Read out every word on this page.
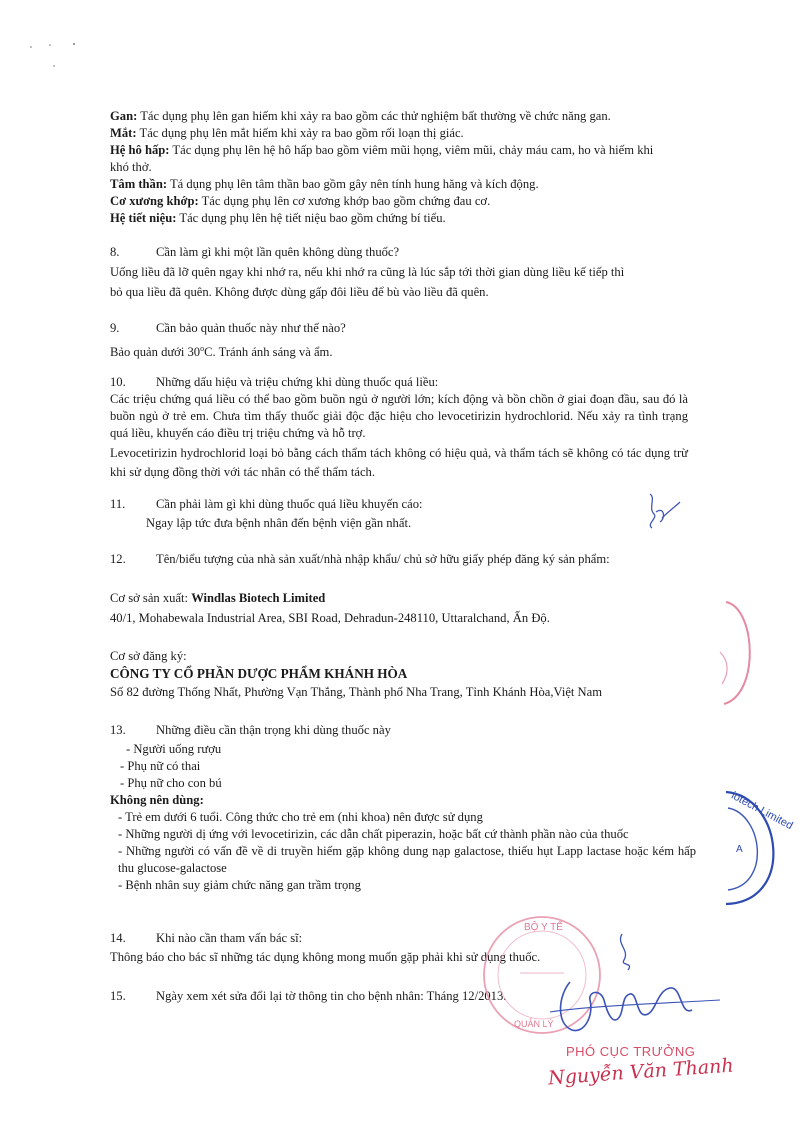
Gan: Tác dụng phụ lên gan hiếm khi xảy ra bao gồm các thử nghiệm bất thường về chức năng gan.
Mắt: Tác dụng phụ lên mắt hiếm khi xảy ra bao gồm rối loạn thị giác.
Hệ hô hấp: Tác dụng phụ lên hệ hô hấp bao gồm viêm mũi họng, viêm mũi, chảy máu cam, ho và hiếm khi khó thở.
Tâm thần: Tá dụng phụ lên tâm thần bao gồm gây nên tính hung hăng và kích động.
Cơ xương khớp: Tác dụng phụ lên cơ xương khớp bao gồm chứng đau cơ.
Hệ tiết niệu: Tác dụng phụ lên hệ tiết niệu bao gồm chứng bí tiểu.
8.	Cần làm gì khi một lần quên không dùng thuốc?
Uống liều đã lỡ quên ngay khi nhớ ra, nếu khi nhớ ra cũng là lúc sắp tới thời gian dùng liều kế tiếp thì
bỏ qua liều đã quên. Không được dùng gấp đôi liều để bù vào liều đã quên.
9.	Cần bảo quản thuốc này như thế nào?
Bảo quản dưới 30$^o$C. Tránh ánh sáng và ẩm.
10.	Những dấu hiệu và triệu chứng khi dùng thuốc quá liều:
Các triệu chứng quá liều có thể bao gồm buồn ngủ ở người lớn; kích động và bồn chồn ở giai đoạn đầu, sau đó là buồn ngủ ở trẻ em. Chưa tìm thấy thuốc giải độc đặc hiệu cho levocetirizin hydrochlorid. Nếu xảy ra tình trạng quá liều, khuyến cáo điều trị triệu chứng và hỗ trợ.
Levocetirizin hydrochlorid loại bỏ bằng cách thẩm tách không có hiệu quả, và thẩm tách sẽ không có tác dụng trừ khi sử dụng đồng thời với tác nhân có thể thẩm tách.
11.	Cần phải làm gì khi dùng thuốc quá liều khuyến cáo:
Ngay lập tức đưa bệnh nhân đến bệnh viện gần nhất.
12.	Tên/biểu tượng của nhà sản xuất/nhà nhập khẩu/ chủ sở hữu giấy phép đăng ký sản phẩm:
Cơ sở sản xuất: Windlas Biotech Limited
40/1, Mohabewala Industrial Area, SBI Road, Dehradun-248110, Uttaralchand, Ấn Độ.
Cơ sở đăng ký:
CÔNG TY CỔ PHẦN DƯỢC PHẨM KHÁNH HÒA
Số 82 đường Thống Nhất, Phường Vạn Thắng, Thành phố Nha Trang, Tỉnh Khánh Hòa,Việt Nam
13.	Những điều cần thận trọng khi dùng thuốc này
- Người uống rượu
- Phụ nữ có thai
- Phụ nữ cho con bú
Không nên dùng:
- Trẻ em dưới 6 tuổi. Công thức cho trẻ em (nhi khoa) nên được sử dụng
- Những người dị ứng với levocetirizin, các dẫn chất piperazin, hoặc bất cứ thành phần nào của thuốc
- Những người có vấn đề về di truyền hiếm gặp không dung nạp galactose, thiếu hụt Lapp lactase hoặc kém hấp thu glucose-galactose
- Bệnh nhân suy giảm chức năng gan trầm trọng
14.	Khi nào cần tham vấn bác sĩ:
Thông báo cho bác sĩ những tác dụng không mong muốn gặp phải khi sử dụng thuốc.
15.	Ngày xem xét sửa đổi lại tờ thông tin cho bệnh nhân: Tháng 12/2013.
iotech Limited
A
BỘ Y TẾ
QUẢN LÝ
PHÓ CỤC TRƯỞNG
Nguyễn Văn Thanh
